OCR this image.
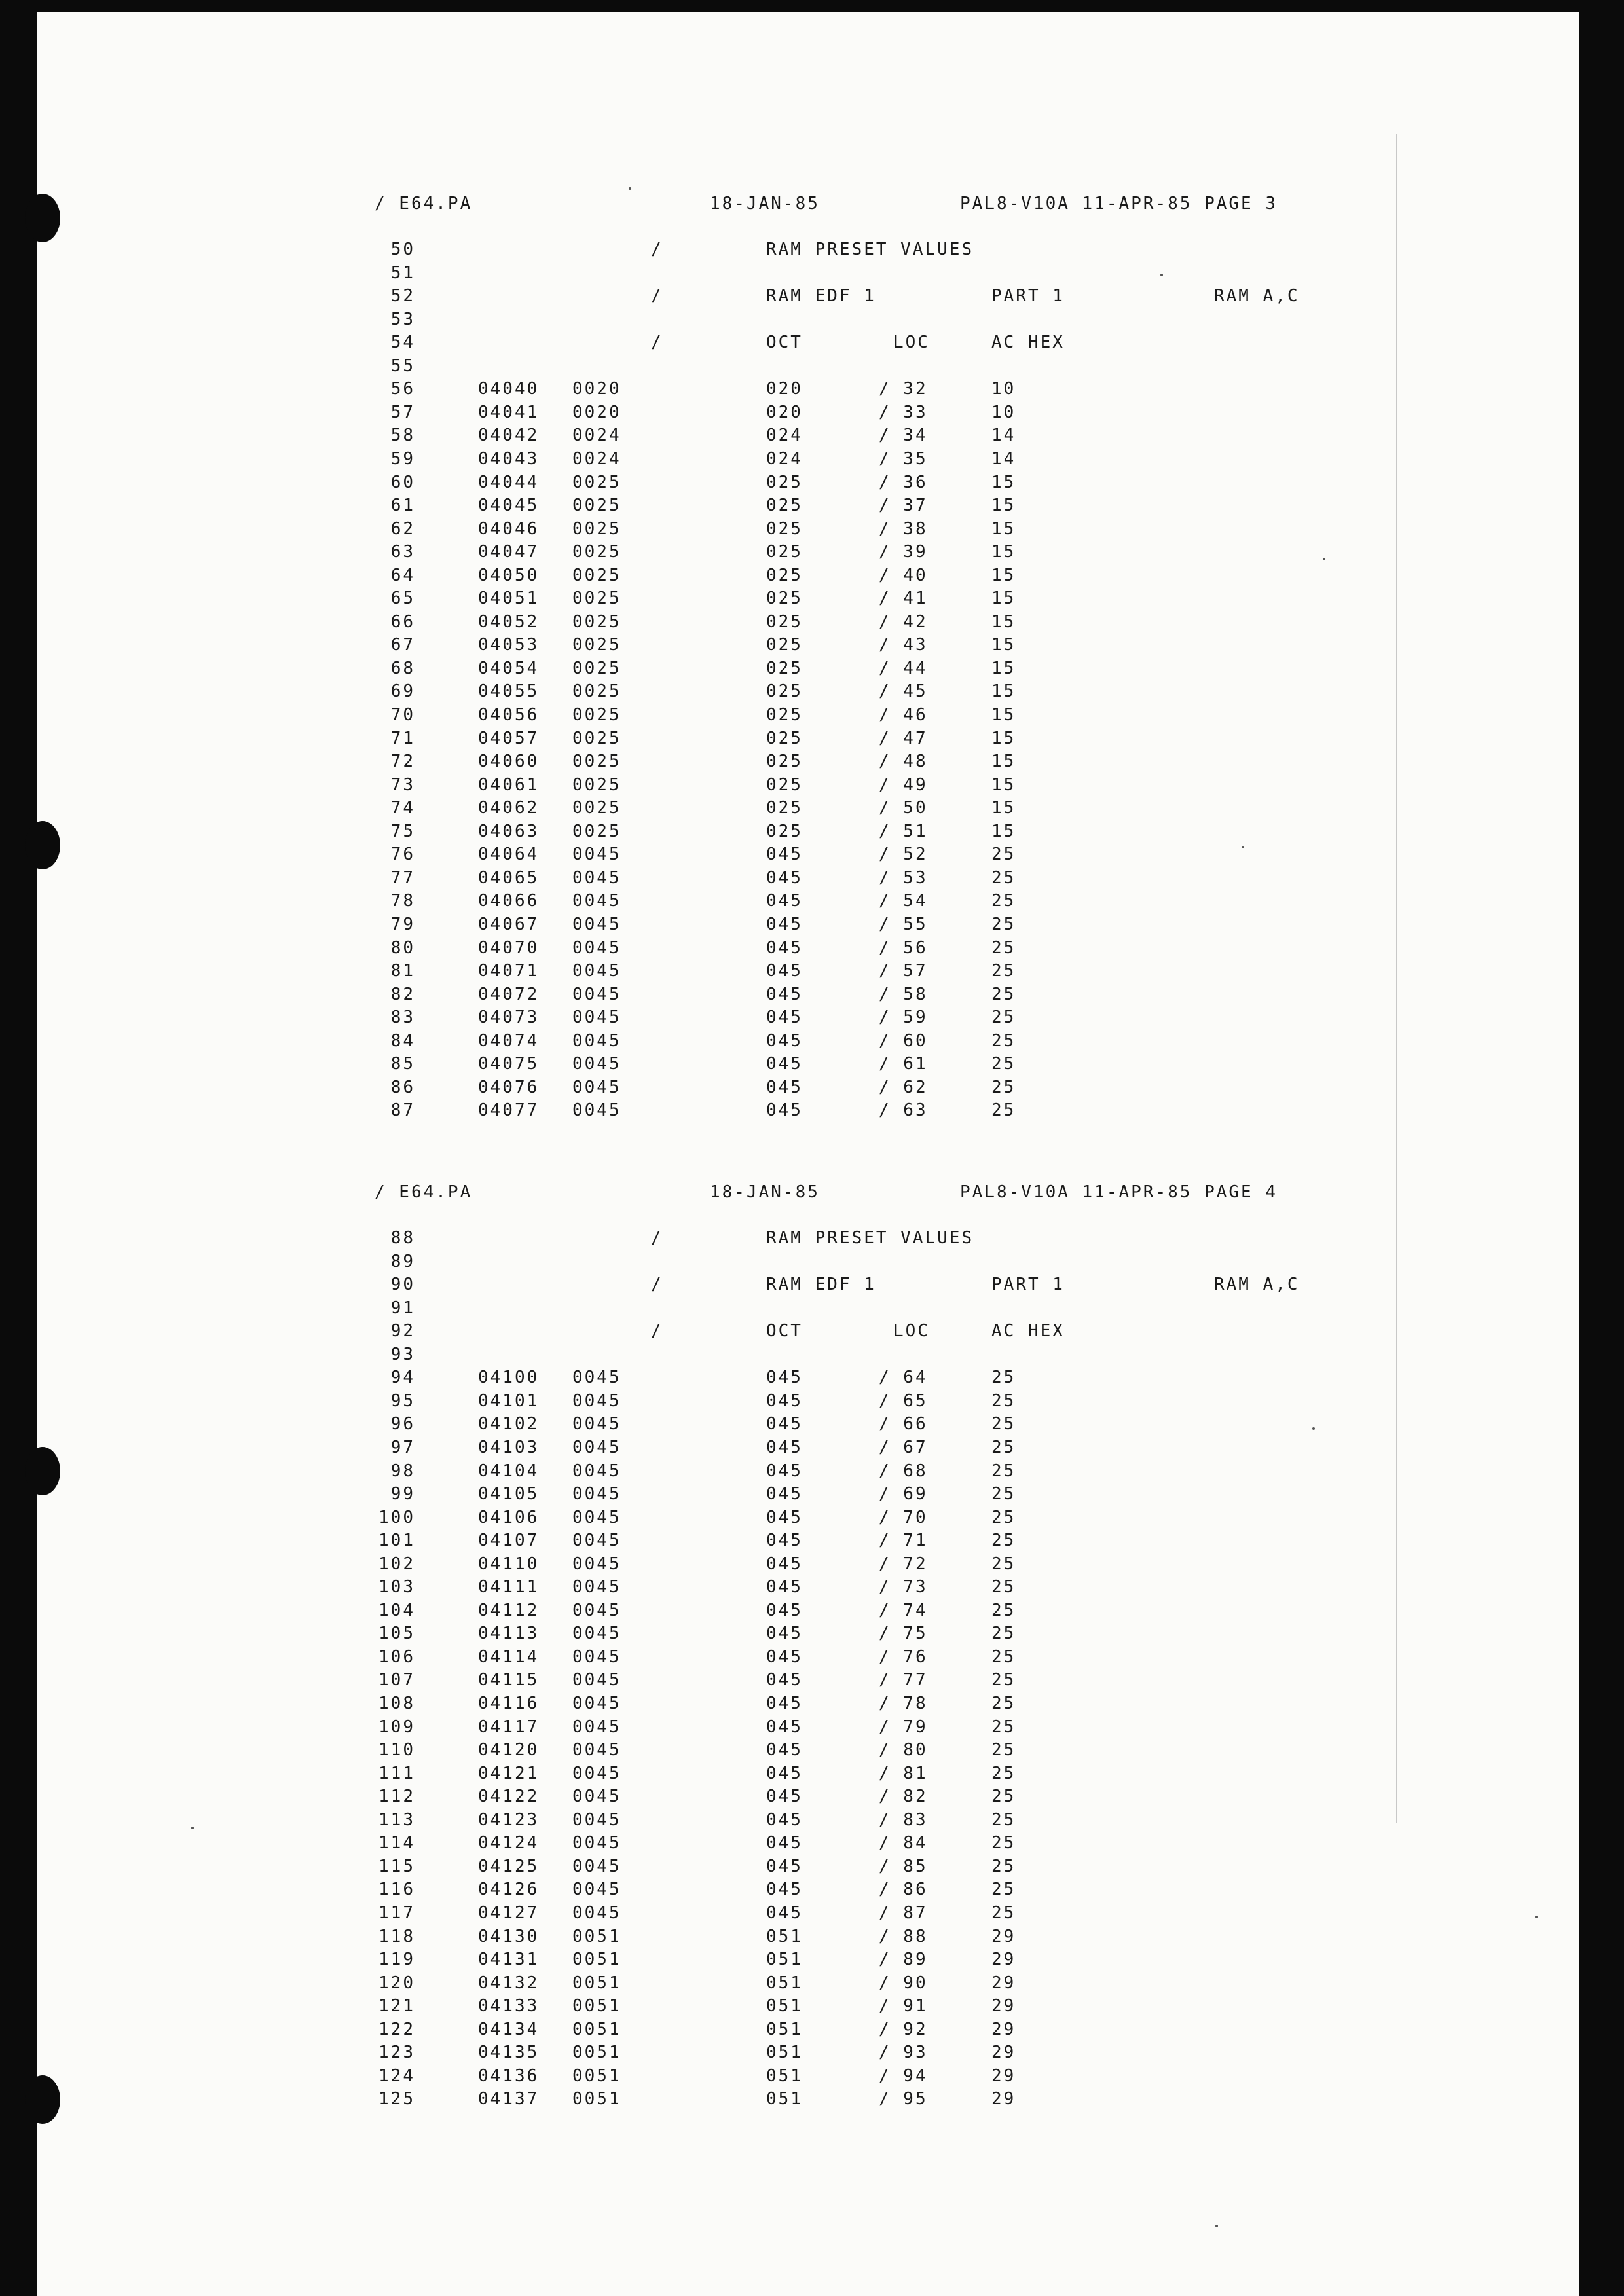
/ E64.PA	18-JAN-85	PAL8-V10A 11-APR-85 PAGE 3
50	/	RAM PRESET VALUES
51
52	/	RAM EDF 1	PART 1	RAM A,C
53
54	/	OCT	LOC	AC HEX
55
56	04040 0020	020	/ 32	10
57	04041 0020	020	/ 33	10
58	04042 0024	024	/ 34	14
59	04043 0024	024	/ 35	14
60	04044 0025	025	/ 36	15
61	04045 0025	025	/ 37	15
62	04046 0025	025	/ 38	15
63	04047 0025	025	/ 39	15
64	04050 0025	025	/ 40	15
65	04051 0025	025	/ 41	15
66	04052 0025	025	/ 42	15
67	04053 0025	025	/ 43	15
68	04054 0025	025	/ 44	15
69	04055 0025	025	/ 45	15
70	04056 0025	025	/ 46	15
71	04057 0025	025	/ 47	15
72	04060 0025	025	/ 48	15
73	04061 0025	025	/ 49	15
74	04062 0025	025	/ 50	15
75	04063 0025	025	/ 51	15
76	04064 0045	045	/ 52	25
77	04065 0045	045	/ 53	25
78	04066 0045	045	/ 54	25
79	04067 0045	045	/ 55	25
80	04070 0045	045	/ 56	25
81	04071 0045	045	/ 57	25
82	04072 0045	045	/ 58	25
83	04073 0045	045	/ 59	25
84	04074 0045	045	/ 60	25
85	04075 0045	045	/ 61	25
86	04076 0045	045	/ 62	25
87	04077 0045	045	/ 63	25
/ E64.PA	18-JAN-85	PAL8-V10A 11-APR-85 PAGE 4
88	/	RAM PRESET VALUES
89
90	/	RAM EDF 1	PART 1	RAM A,C
91
92	/	OCT	LOC	AC HEX
93
94	04100 0045	045	/ 64	25
95	04101 0045	045	/ 65	25
96	04102 0045	045	/ 66	25
97	04103 0045	045	/ 67	25
98	04104 0045	045	/ 68	25
99	04105 0045	045	/ 69	25
100	04106 0045	045	/ 70	25
101	04107 0045	045	/ 71	25
102	04110 0045	045	/ 72	25
103	04111 0045	045	/ 73	25
104	04112 0045	045	/ 74	25
105	04113 0045	045	/ 75	25
106	04114 0045	045	/ 76	25
107	04115 0045	045	/ 77	25
108	04116 0045	045	/ 78	25
109	04117 0045	045	/ 79	25
110	04120 0045	045	/ 80	25
111	04121 0045	045	/ 81	25
112	04122 0045	045	/ 82	25
113	04123 0045	045	/ 83	25
114	04124 0045	045	/ 84	25
115	04125 0045	045	/ 85	25
116	04126 0045	045	/ 86	25
117	04127 0045	045	/ 87	25
118	04130 0051	051	/ 88	29
119	04131 0051	051	/ 89	29
120	04132 0051	051	/ 90	29
121	04133 0051	051	/ 91	29
122	04134 0051	051	/ 92	29
123	04135 0051	051	/ 93	29
124	04136 0051	051	/ 94	29
125	04137 0051	051	/ 95	29
